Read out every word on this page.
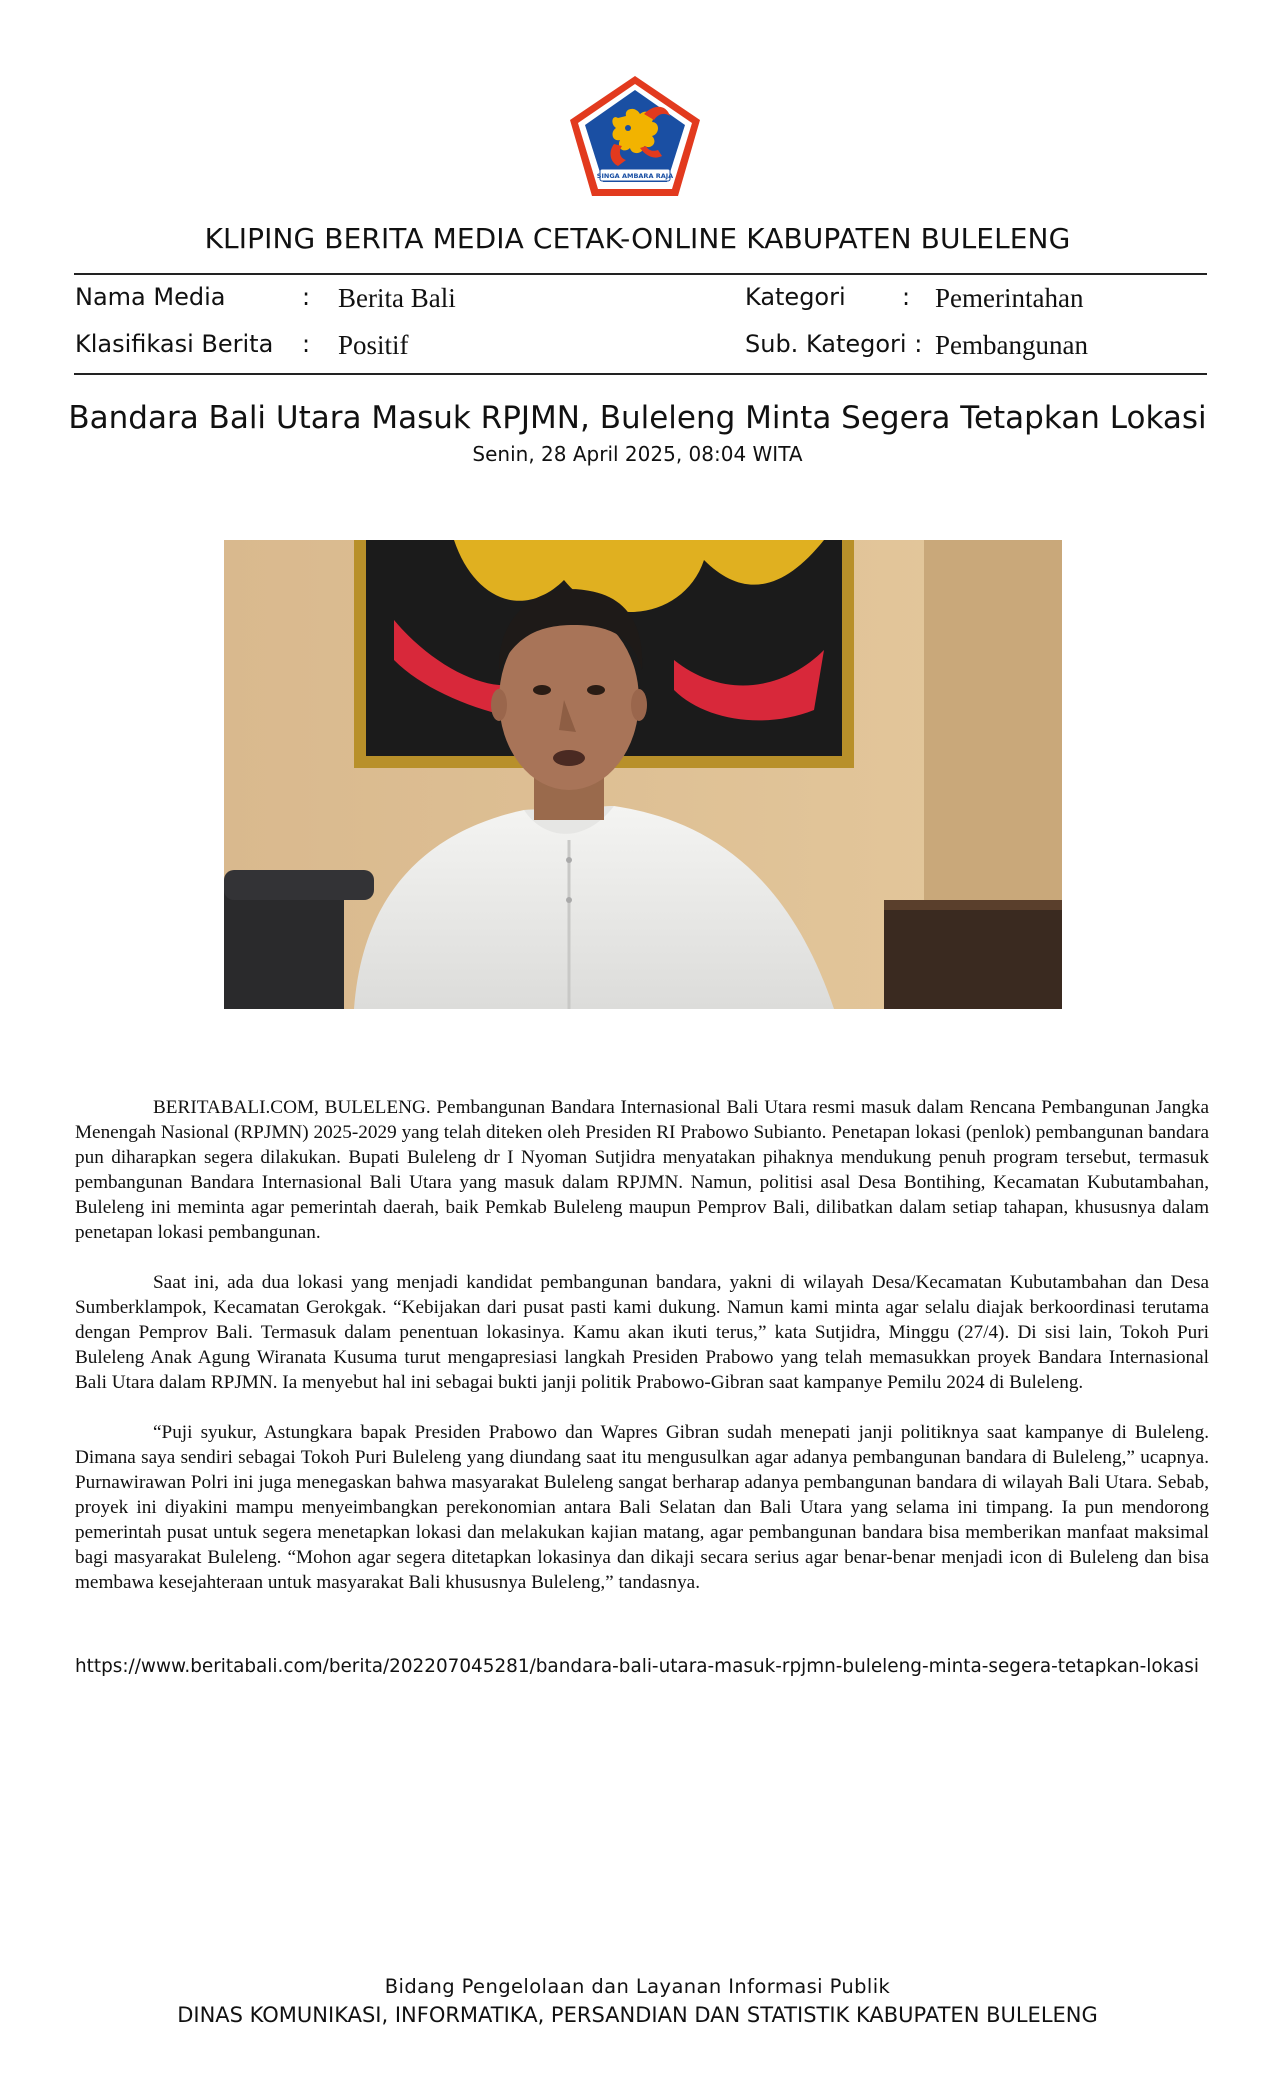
SINGA AMBARA RAJA
KLIPING BERITA MEDIA CETAK-ONLINE KABUPATEN BULELENG
Nama Media	: Berita Bali	Kategori : Pemerintahan
Klasifikasi Berita : Positif	Sub. Kategori : Pembangunan
Bandara Bali Utara Masuk RPJMN, Buleleng Minta Segera Tetapkan Lokasi
Senin, 28 April 2025, 08:04 WITA

BERITABALI.COM, BULELENG. Pembangunan Bandara Internasional Bali Utara resmi masuk dalam Rencana Pembangunan Jangka Menengah Nasional (RPJMN) 2025-2029 yang telah diteken oleh Presiden RI Prabowo Subianto. Penetapan lokasi (penlok) pembangunan bandara pun diharapkan segera dilakukan. Bupati Buleleng dr I Nyoman Sutjidra menyatakan pihaknya mendukung penuh program tersebut, termasuk pembangunan Bandara Internasional Bali Utara yang masuk dalam RPJMN. Namun, politisi asal Desa Bontihing, Kecamatan Kubutambahan, Buleleng ini meminta agar pemerintah daerah, baik Pemkab Buleleng maupun Pemprov Bali, dilibatkan dalam setiap tahapan, khususnya dalam penetapan lokasi pembangunan.

Saat ini, ada dua lokasi yang menjadi kandidat pembangunan bandara, yakni di wilayah Desa/Kecamatan Kubutambahan dan Desa Sumberklampok, Kecamatan Gerokgak. “Kebijakan dari pusat pasti kami dukung. Namun kami minta agar selalu diajak berkoordinasi terutama dengan Pemprov Bali. Termasuk dalam penentuan lokasinya. Kamu akan ikuti terus,” kata Sutjidra, Minggu (27/4). Di sisi lain, Tokoh Puri Buleleng Anak Agung Wiranata Kusuma turut mengapresiasi langkah Presiden Prabowo yang telah memasukkan proyek Bandara Internasional Bali Utara dalam RPJMN. Ia menyebut hal ini sebagai bukti janji politik Prabowo-Gibran saat kampanye Pemilu 2024 di Buleleng.

“Puji syukur, Astungkara bapak Presiden Prabowo dan Wapres Gibran sudah menepati janji politiknya saat kampanye di Buleleng. Dimana saya sendiri sebagai Tokoh Puri Buleleng yang diundang saat itu mengusulkan agar adanya pembangunan bandara di Buleleng,” ucapnya. Purnawirawan Polri ini juga menegaskan bahwa masyarakat Buleleng sangat berharap adanya pembangunan bandara di wilayah Bali Utara. Sebab, proyek ini diyakini mampu menyeimbangkan perekonomian antara Bali Selatan dan Bali Utara yang selama ini timpang. Ia pun mendorong pemerintah pusat untuk segera menetapkan lokasi dan melakukan kajian matang, agar pembangunan bandara bisa memberikan manfaat maksimal bagi masyarakat Buleleng. “Mohon agar segera ditetapkan lokasinya dan dikaji secara serius agar benar-benar menjadi icon di Buleleng dan bisa membawa kesejahteraan untuk masyarakat Bali khususnya Buleleng,” tandasnya.

https://www.beritabali.com/berita/202207045281/bandara-bali-utara-masuk-rpjmn-buleleng-minta-segera-tetapkan-lokasi
Bidang Pengelolaan dan Layanan Informasi Publik
DINAS KOMUNIKASI, INFORMATIKA, PERSANDIAN DAN STATISTIK KABUPATEN BULELENG
